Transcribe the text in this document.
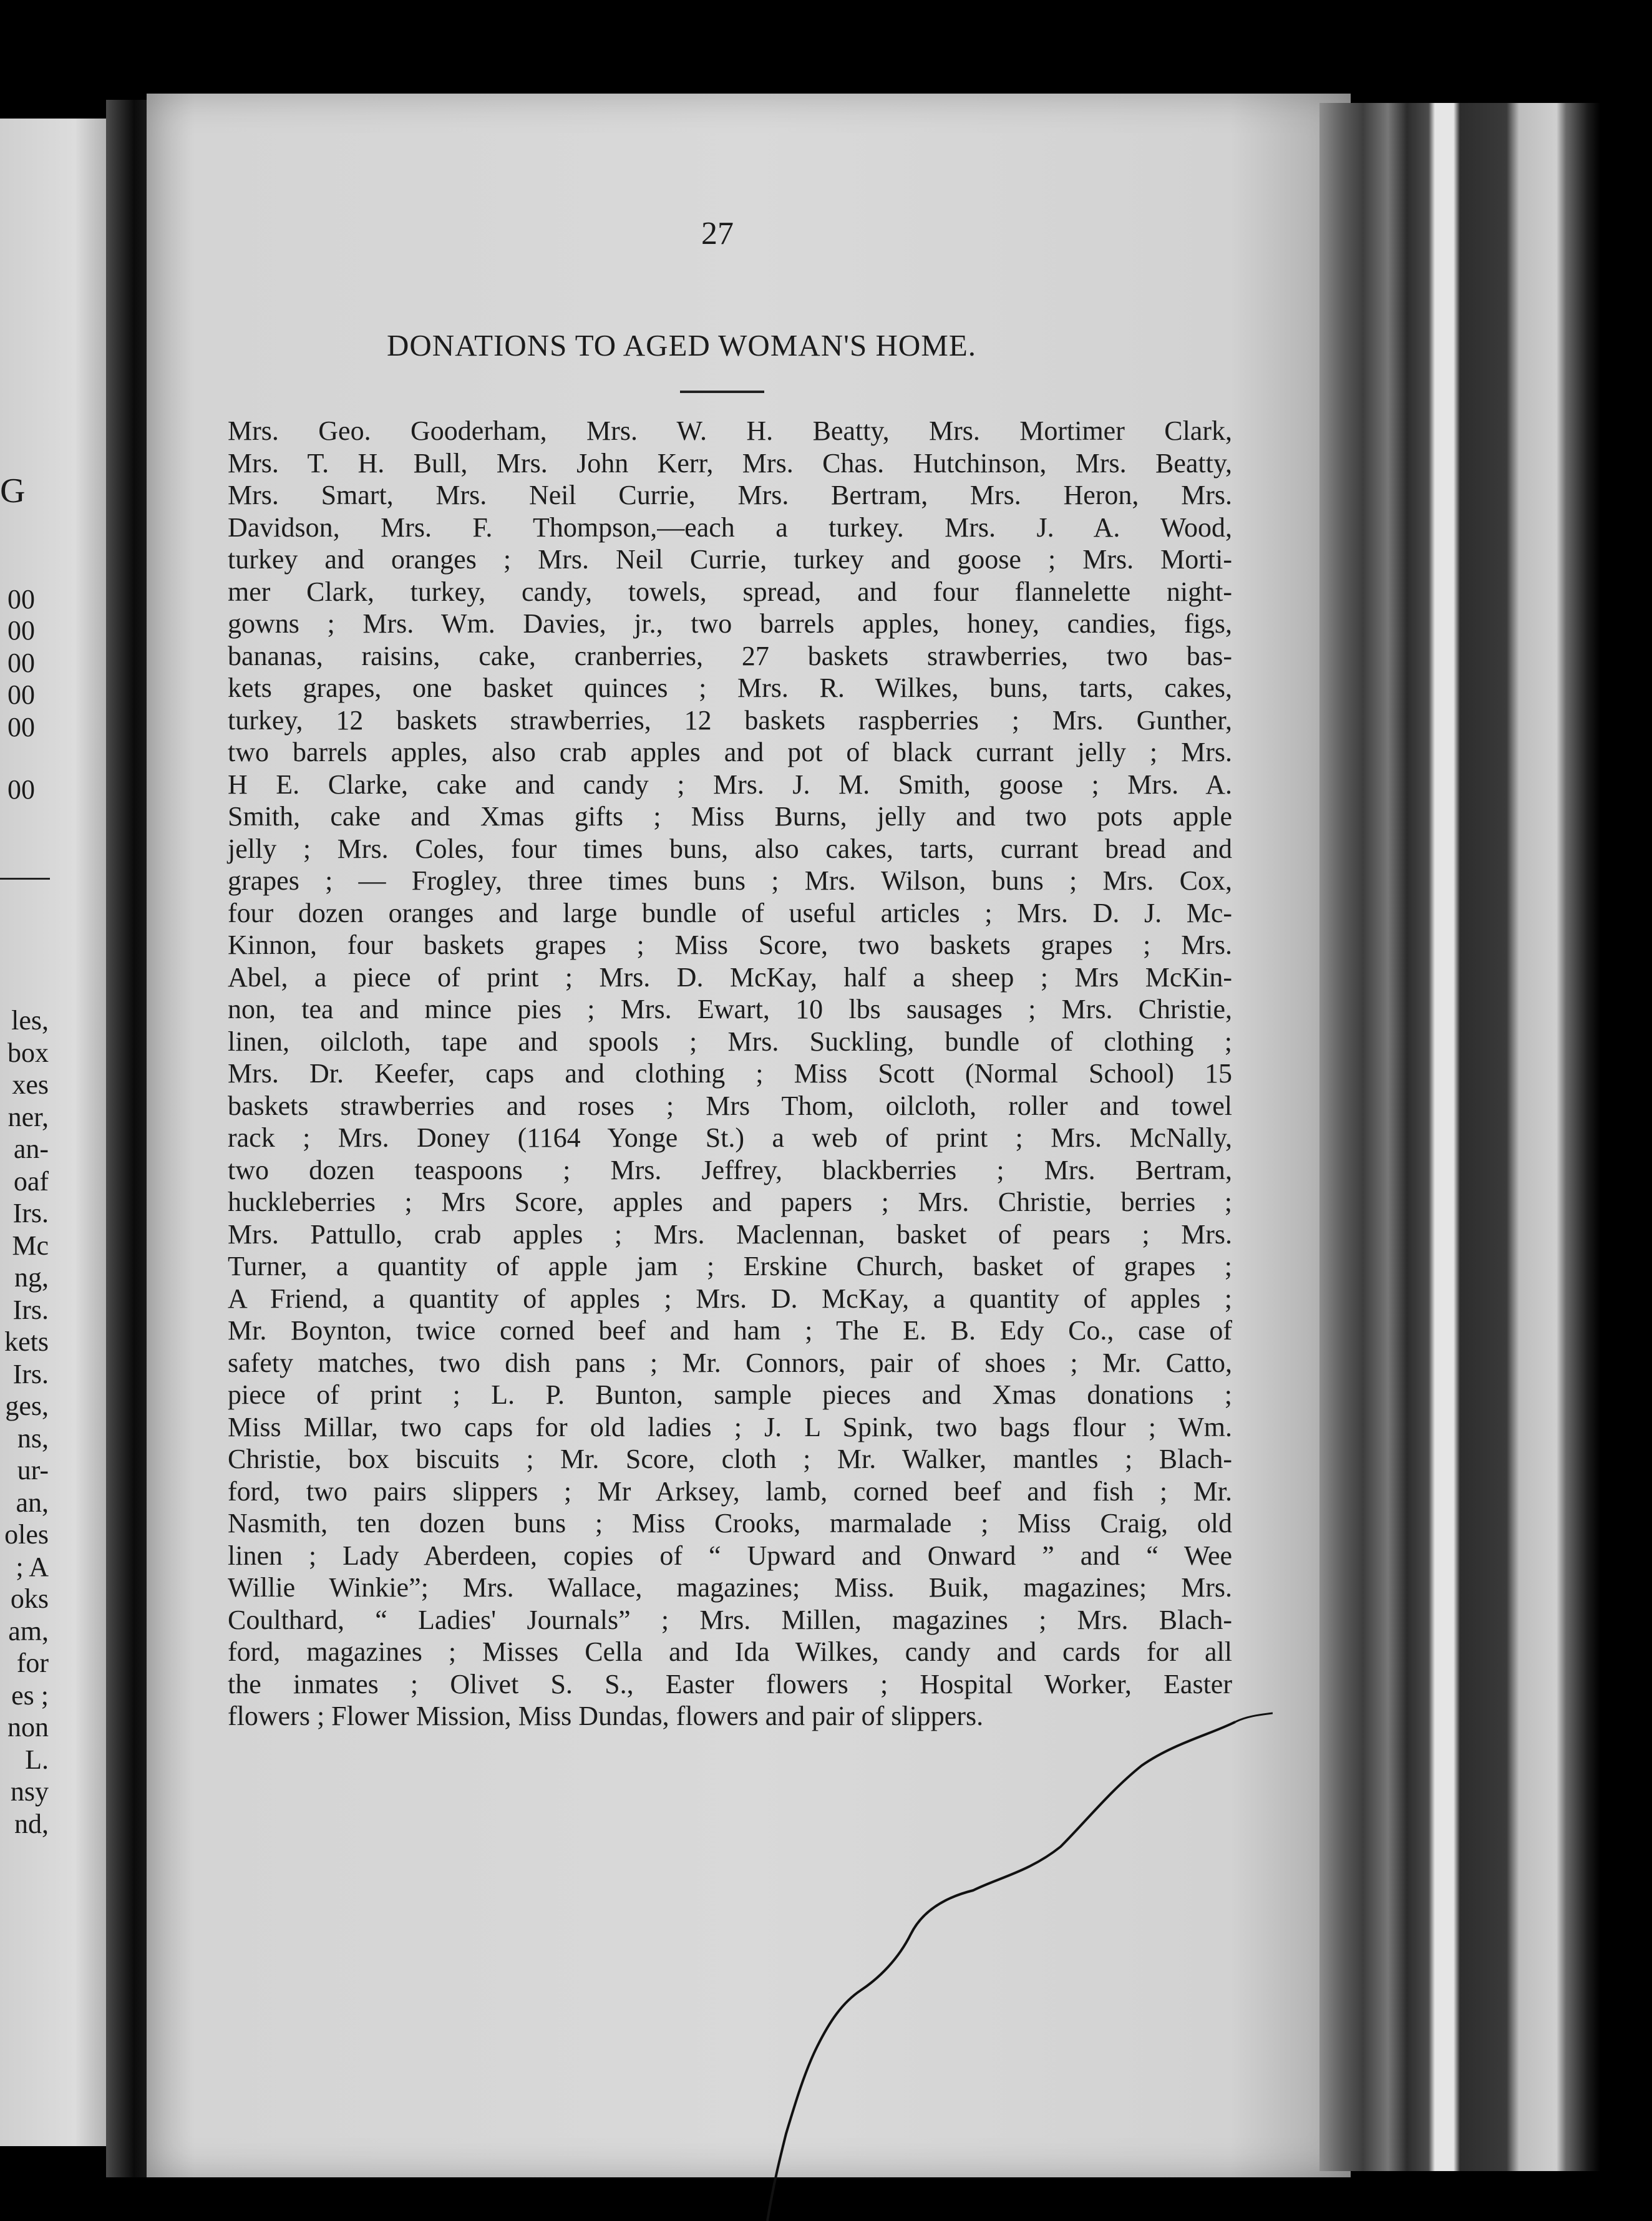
G
00
00
00
00
00
00
les,
box
xes
ner,
an-
oaf
Irs.
Mc
ng,
Irs.
kets
Irs.
ges,
ns,
ur-
an,
oles
; A
oks
am,
for
es ;
non
L.
nsy
nd,
27
DONATIONS TO AGED WOMAN'S HOME.
Mrs. Geo. Gooderham, Mrs. W. H. Beatty, Mrs. Mortimer Clark,
Mrs. T. H. Bull, Mrs. John Kerr, Mrs. Chas. Hutchinson, Mrs. Beatty,
Mrs. Smart, Mrs. Neil Currie, Mrs. Bertram, Mrs. Heron, Mrs.
Davidson, Mrs. F. Thompson,—each a turkey. Mrs. J. A. Wood,
turkey and oranges ; Mrs. Neil Currie, turkey and goose ; Mrs. Morti-
mer Clark, turkey, candy, towels, spread, and four flannelette night-
gowns ; Mrs. Wm. Davies, jr., two barrels apples, honey, candies, figs,
bananas, raisins, cake, cranberries, 27 baskets strawberries, two bas-
kets grapes, one basket quinces ; Mrs. R. Wilkes, buns, tarts, cakes,
turkey, 12 baskets strawberries, 12 baskets raspberries ; Mrs. Gunther,
two barrels apples, also crab apples and pot of black currant jelly ; Mrs.
H E. Clarke, cake and candy ; Mrs. J. M. Smith, goose ; Mrs. A.
Smith, cake and Xmas gifts ; Miss Burns, jelly and two pots apple
jelly ; Mrs. Coles, four times buns, also cakes, tarts, currant bread and
grapes ; — Frogley, three times buns ; Mrs. Wilson, buns ; Mrs. Cox,
four dozen oranges and large bundle of useful articles ; Mrs. D. J. Mc-
Kinnon, four baskets grapes ; Miss Score, two baskets grapes ; Mrs.
Abel, a piece of print ; Mrs. D. McKay, half a sheep ; Mrs McKin-
non, tea and mince pies ; Mrs. Ewart, 10 lbs sausages ; Mrs. Christie,
linen, oilcloth, tape and spools ; Mrs. Suckling, bundle of clothing ;
Mrs. Dr. Keefer, caps and clothing ; Miss Scott (Normal School) 15
baskets strawberries and roses ; Mrs Thom, oilcloth, roller and towel
rack ; Mrs. Doney (1164 Yonge St.) a web of print ; Mrs. McNally,
two dozen teaspoons ; Mrs. Jeffrey, blackberries ; Mrs. Bertram,
huckleberries ; Mrs Score, apples and papers ; Mrs. Christie, berries ;
Mrs. Pattullo, crab apples ; Mrs. Maclennan, basket of pears ; Mrs.
Turner, a quantity of apple jam ; Erskine Church, basket of grapes ;
A Friend, a quantity of apples ; Mrs. D. McKay, a quantity of apples ;
Mr. Boynton, twice corned beef and ham ; The E. B. Edy Co., case of
safety matches, two dish pans ; Mr. Connors, pair of shoes ; Mr. Catto,
piece of print ; L. P. Bunton, sample pieces and Xmas donations ;
Miss Millar, two caps for old ladies ; J. L Spink, two bags flour ; Wm.
Christie, box biscuits ; Mr. Score, cloth ; Mr. Walker, mantles ; Blach-
ford, two pairs slippers ; Mr Arksey, lamb, corned beef and fish ; Mr.
Nasmith, ten dozen buns ; Miss Crooks, marmalade ; Miss Craig, old
linen ; Lady Aberdeen, copies of “ Upward and Onward ” and “ Wee
Willie Winkie”; Mrs. Wallace, magazines; Miss. Buik, magazines; Mrs.
Coulthard, “ Ladies' Journals” ; Mrs. Millen, magazines ; Mrs. Blach-
ford, magazines ; Misses Cella and Ida Wilkes, candy and cards for all
the inmates ; Olivet S. S., Easter flowers ; Hospital Worker, Easter
flowers ; Flower Mission, Miss Dundas, flowers and pair of slippers.
